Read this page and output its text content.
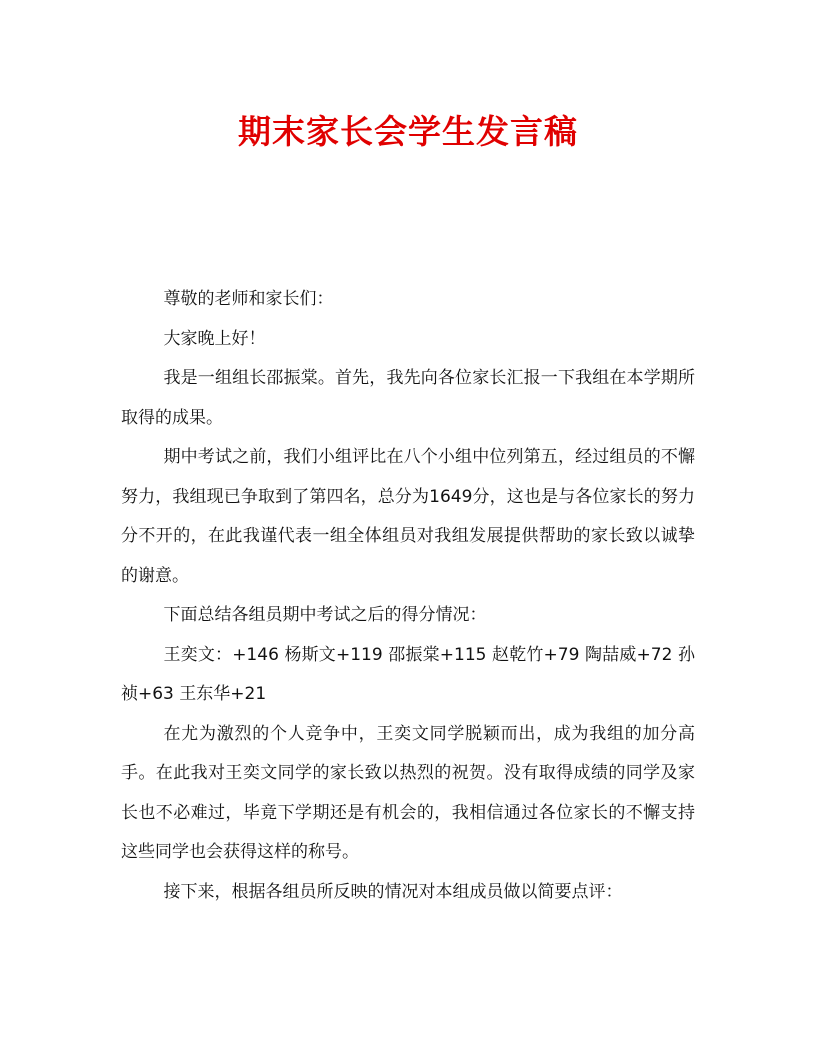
期末家长会学生发言稿

尊敬的老师和家长们：

大家晚上好！

我是一组组长邵振棠。首先，我先向各位家长汇报一下我组在本学期所取得的成果。

期中考试之前，我们小组评比在八个小组中位列第五，经过组员的不懈努力，我组现已争取到了第四名，总分为1649分，这也是与各位家长的努力分不开的，在此我谨代表一组全体组员对我组发展提供帮助的家长致以诚挚的谢意。

下面总结各组员期中考试之后的得分情况：

王奕文：+146 杨斯文+119 邵振棠+115 赵乾竹+79 陶喆威+72 孙祯+63 王东华+21

在尤为激烈的个人竞争中，王奕文同学脱颖而出，成为我组的加分高手。在此我对王奕文同学的家长致以热烈的祝贺。没有取得成绩的同学及家长也不必难过，毕竟下学期还是有机会的，我相信通过各位家长的不懈支持这些同学也会获得这样的称号。

接下来，根据各组员所反映的情况对本组成员做以简要点评：
